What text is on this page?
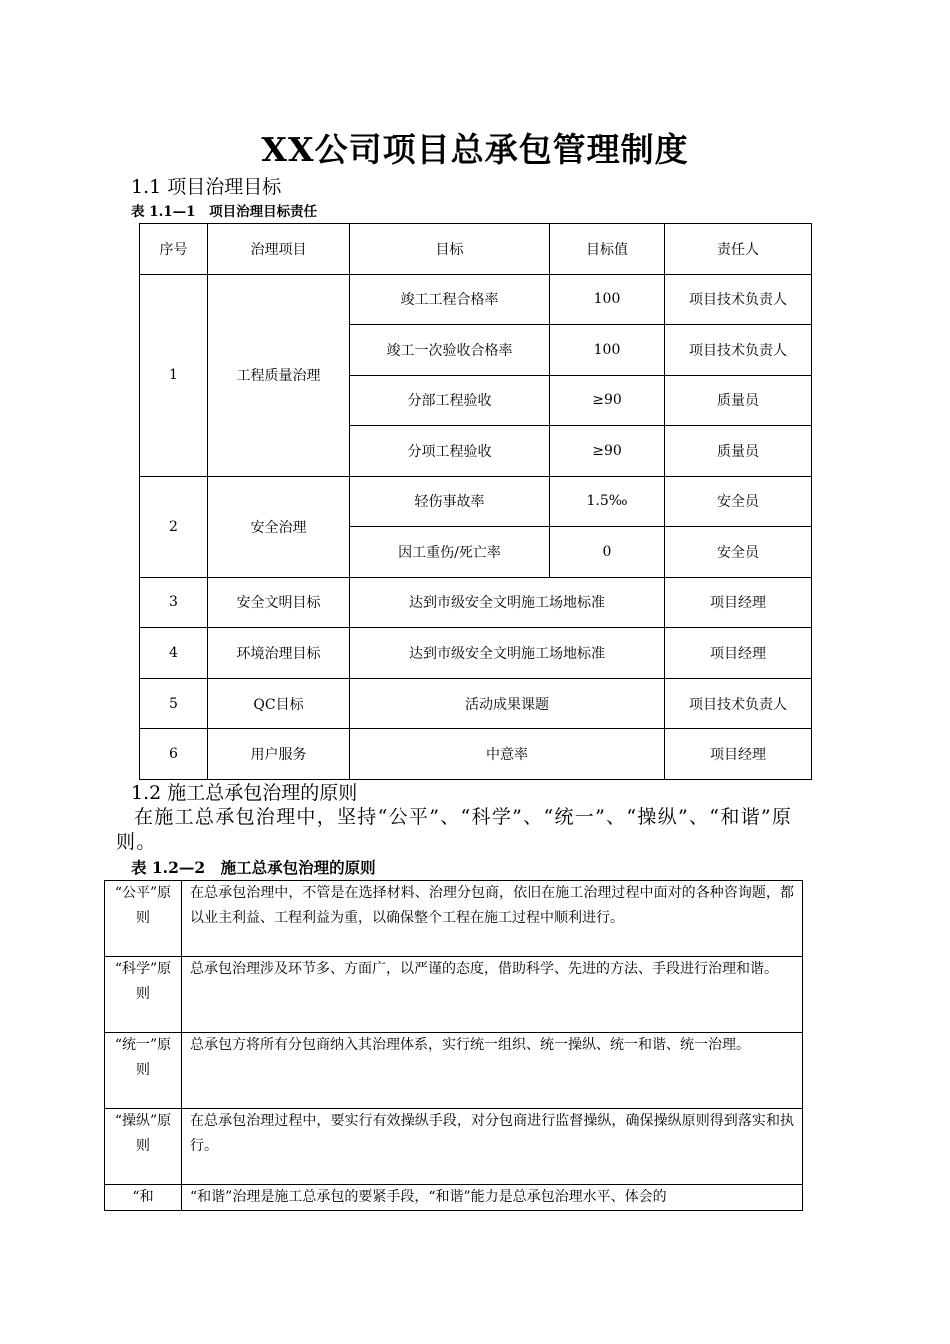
XX公司项目总承包管理制度
1.1 项目治理目标
表 1.1—1　项目治理目标责任
序号	治理项目	目标	目标值	责任人
1	工程质量治理	竣工工程合格率	100	项目技术负责人
		竣工一次验收合格率	100	项目技术负责人
		分部工程验收	≥90	质量员
		分项工程验收	≥90	质量员
2	安全治理	轻伤事故率	1.5‰	安全员
		因工重伤/死亡率	0	安全员
3	安全文明目标	达到市级安全文明施工场地标准		项目经理
4	环境治理目标	达到市级安全文明施工场地标准		项目经理
5	QC目标	活动成果课题		项目技术负责人
6	用户服务	中意率		项目经理
1.2 施工总承包治理的原则
在施工总承包治理中，坚持“公平”、“科学”、“统一”、“操纵”、“和谐”原则。
表 1.2—2　施工总承包治理的原则
“公平”原则	在总承包治理中，不管是在选择材料、治理分包商，依旧在施工治理过程中面对的各种咨询题，都以业主利益、工程利益为重，以确保整个工程在施工过程中顺利进行。
“科学”原则	总承包治理涉及环节多、方面广，以严谨的态度，借助科学、先进的方法、手段进行治理和谐。
“统一”原则	总承包方将所有分包商纳入其治理体系，实行统一组织、统一操纵、统一和谐、统一治理。
“操纵”原则	在总承包治理过程中，要实行有效操纵手段，对分包商进行监督操纵，确保操纵原则得到落实和执行。
“和	“和谐”治理是施工总承包的要紧手段，“和谐”能力是总承包治理水平、体会的
